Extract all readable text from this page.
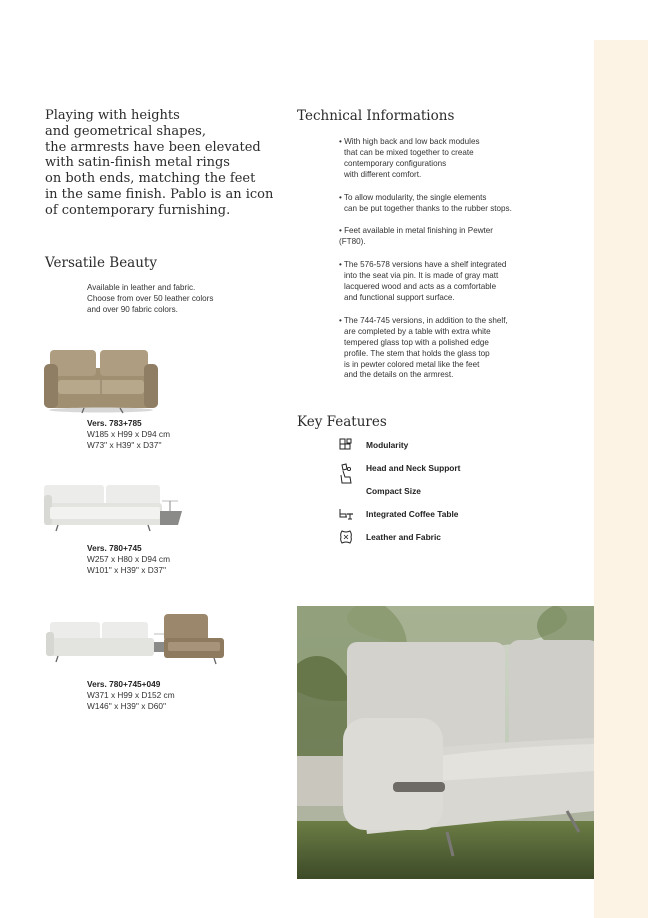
Playing with heights
and geometrical shapes,
the armrests have been elevated
with satin-finish metal rings
on both ends, matching the feet
in the same finish. Pablo is an icon
of contemporary furnishing.
Versatile Beauty
Available in leather and fabric.
Choose from over 50 leather colors
and over 90 fabric colors.
Vers. 783+785
W185 x H99 x D94 cm
W73'' x H39'' x D37''
Vers. 780+745
W257 x H80 x D94 cm
W101'' x H39'' x D37''
Vers. 780+745+049
W371 x H99 x D152 cm
W146'' x H39'' x D60''
Technical Informations
• With high back and low back modules
that can be mixed together to create
contemporary configurations
with different comfort.
• To allow modularity, the single elements
can be put together thanks to the rubber stops.
• Feet available in metal finishing in Pewter
(FT80).
• The 576-578 versions have a shelf integrated
into the seat via pin. It is made of gray matt
lacquered wood and acts as a comfortable
and functional support surface.
• The 744-745 versions, in addition to the shelf,
are completed by a table with extra white
tempered glass top with a polished edge
profile. The stem that holds the glass top
is in pewter colored metal like the feet
and the details on the armrest.
Key Features
Modularity
Head and Neck Support
Compact Size
Integrated Coffee Table
Leather and Fabric
